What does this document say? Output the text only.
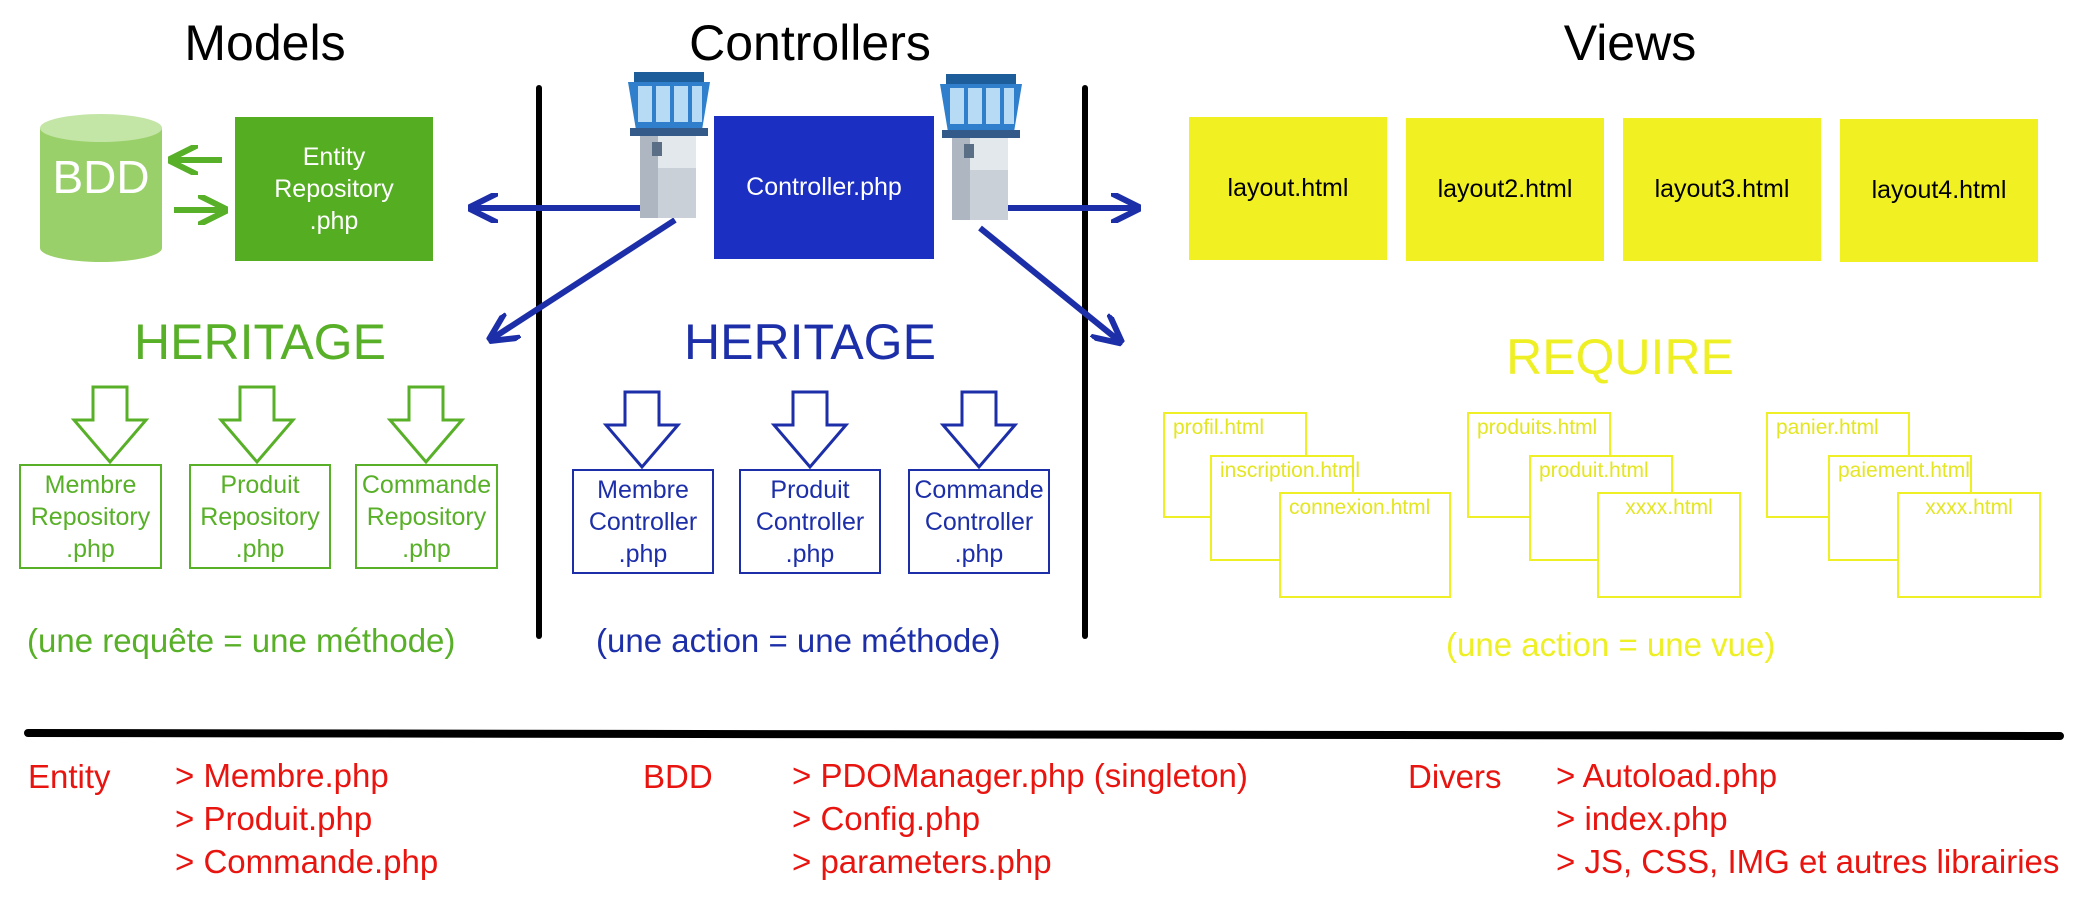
Models	Controllers	Views
BDD	Entity
Repository
.php
HERITAGE
Membre
Repository
.php
Produit
Repository
.php
Commande
Repository
.php
(une requête = une méthode)
Controller.php
HERITAGE
Membre
Controller
.php
Produit
Controller
.php
Commande
Controller
.php
(une action = une méthode)
layout.html	layout2.html	layout3.html	layout4.html
REQUIRE
profil.html
inscription.html
connexion.html
produits.html
produit.html
xxxx.html
panier.html
paiement.html
xxxx.html
(une action = une vue)
Entity > Membre.php
> Produit.php
> Commande.php
BDD > PDOManager.php (singleton)
> Config.php
> parameters.php
Divers > Autoload.php
> index.php
> JS, CSS, IMG et autres librairies
